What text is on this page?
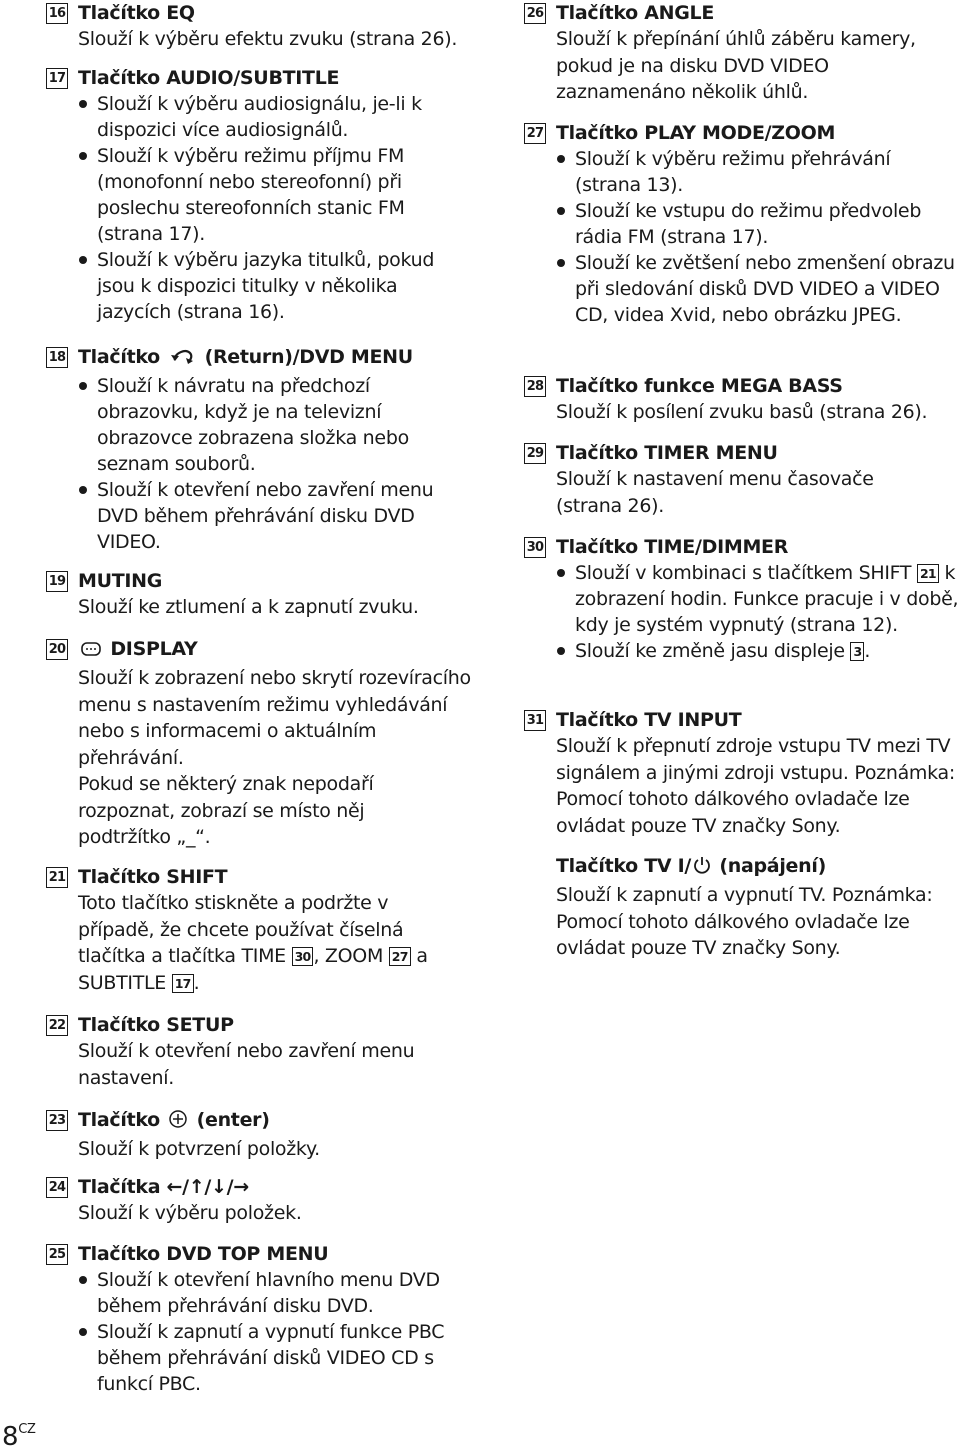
16 Tlačítko EQ
Slouží k výběru efektu zvuku (strana 26).
17 Tlačítko AUDIO/SUBTITLE
Slouží k výběru audiosignálu, je-li k dispozici více audiosignálů.
Slouží k výběru režimu příjmu FM (monofonní nebo stereofonní) při poslechu stereofonních stanic FM (strana 17).
Slouží k výběru jazyka titulků, pokud jsou k dispozici titulky v několika jazycích (strana 16).
18 Tlačítko (Return)/DVD MENU
Slouží k návratu na předchozí obrazovku, když je na televizní obrazovce zobrazena složka nebo seznam souborů.
Slouží k otevření nebo zavření menu DVD během přehrávání disku DVD VIDEO.
19 MUTING
Slouží ke ztlumení a k zapnutí zvuku.
20	DISPLAY
Slouží k zobrazení nebo skrytí rozevíracího menu s nastavením režimu vyhledávání nebo s informacemi o aktuálním přehrávání.
Pokud se některý znak nepodaří rozpoznat, zobrazí se místo něj podtržítko „_“.
21 Tlačítko SHIFT
Toto tlačítko stiskněte a podržte v případě, že chcete používat číselná tlačítka a tlačítka TIME 30 , ZOOM 27 a SUBTITLE 17 .
22 Tlačítko SETUP
Slouží k otevření nebo zavření menu nastavení.
23 Tlačítko (enter)
Slouží k potvrzení položky.
24 Tlačítka ←/↑/↓/→
Slouží k výběru položek.
25 Tlačítko DVD TOP MENU
Slouží k otevření hlavního menu DVD během přehrávání disku DVD.
Slouží k zapnutí a vypnutí funkce PBC během přehrávání disků VIDEO CD s funkcí PBC.
26 Tlačítko ANGLE
Slouží k přepínání úhlů záběru kamery, pokud je na disku DVD VIDEO zaznamenáno několik úhlů.
27 Tlačítko PLAY MODE/ZOOM
Slouží k výběru režimu přehrávání (strana 13).
Slouží ke vstupu do režimu předvoleb rádia FM (strana 17).
Slouží ke zvětšení nebo zmenšení obrazu při sledování disků DVD VIDEO a VIDEO CD, videa Xvid, nebo obrázku JPEG.
28 Tlačítko funkce MEGA BASS
Slouží k posílení zvuku basů (strana 26).
29 Tlačítko TIMER MENU
Slouží k nastavení menu časovače (strana 26).
30 Tlačítko TIME/DIMMER
Slouží v kombinaci s tlačítkem SHIFT 21 k zobrazení hodin. Funkce pracuje i v době, kdy je systém vypnutý (strana 12).
Slouží ke změně jasu displeje 3 .
31 Tlačítko TV INPUT
Slouží k přepnutí zdroje vstupu TV mezi TV signálem a jinými zdroji vstupu. Poznámka: Pomocí tohoto dálkového ovladače lze ovládat pouze TV značky Sony.
Tlačítko TV I/ (napájení)
Slouží k zapnutí a vypnutí TV. Poznámka: Pomocí tohoto dálkového ovladače lze ovládat pouze TV značky Sony.
$8^{CZ}$
